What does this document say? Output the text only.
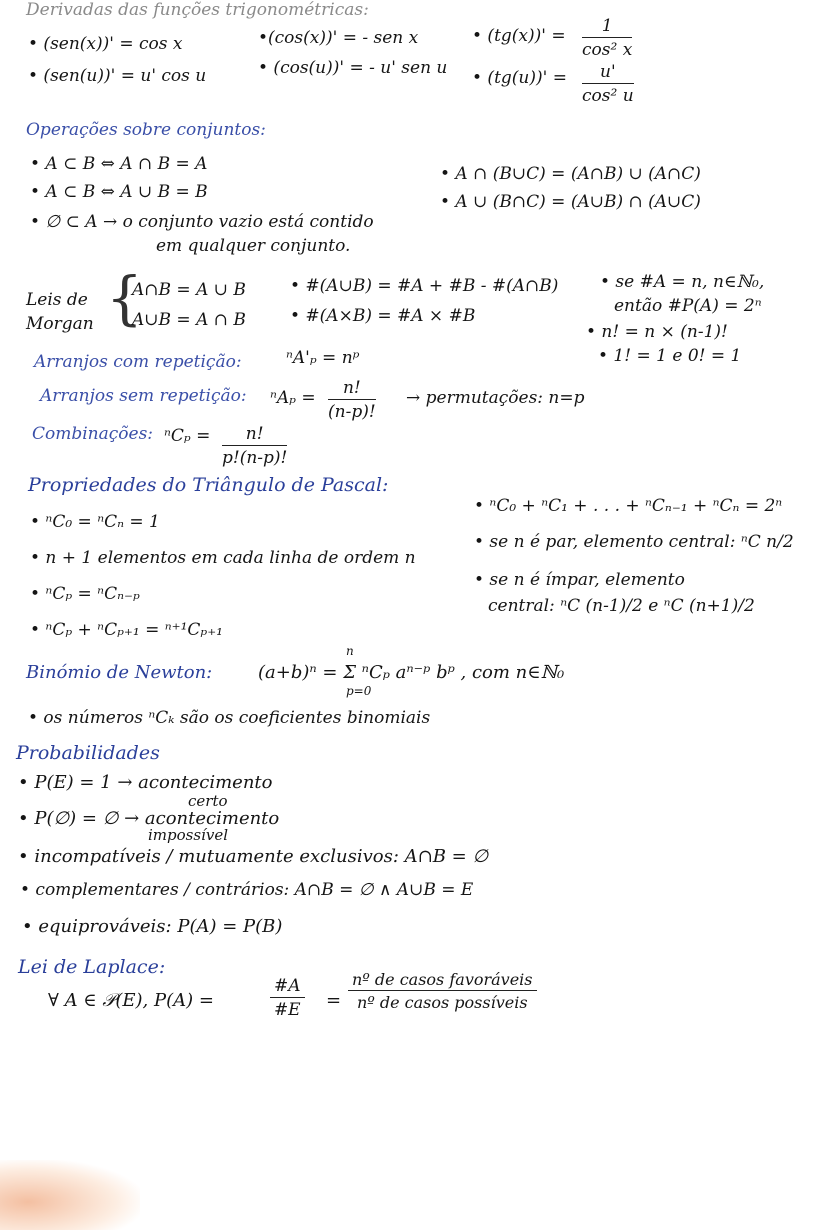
Derivadas das funções trigonométricas:
• (sen(x))' = cos x
• (sen(u))' = u' cos u
•(cos(x))' = - sen x
• (cos(u))' = - u' sen u
• $(tg(x))' = \frac{1}{\text{cos² x}}$
• $(tg(u))' = \frac{u'}{\text{cos² u}}$
Operações sobre conjuntos:
• A ⊂ B ⇔ A ∩ B = A
• A ⊂ B ⇔ A ∪ B = B
• ∅ ⊂ A → o conjunto vazio está contido
em qualquer conjunto.
• A ∩ (B∪C) = (A∩B) ∪ (A∩C)
• A ∪ (B∩C) = (A∪B) ∩ (A∪C)
Leis de
Morgan {
A∩B = A ∪ B
A∪B = A ∩ B
• #(A∪B) = #A + #B - #(A∩B)
• #(A×B) = #A × #B
• se #A = n, n∈ℕ₀,
então #P(A) = 2ⁿ
• n! = n × (n-1)!
• 1! = 1 e 0! = 1
Arranjos com repetição:	ⁿA'ₚ = nᵖ
Arranjos sem repetição: $^nA_p = \frac{n!}{(n-p)!}$ → permutações: n=p
Combinações: $^nC_p = \frac{n!}{p!(n-p)!}$
Propriedades do Triângulo de Pascal:
• ⁿC₀ = ⁿCₙ = 1
• n + 1 elementos em cada linha de ordem n
• ⁿCₚ = ⁿCₙ₋ₚ
• ⁿCₚ + ⁿCₚ₊₁ = ⁿ⁺¹Cₚ₊₁
• ⁿC₀ + ⁿC₁ + . . . + ⁿCₙ₋₁ + ⁿCₙ = 2ⁿ
• se n é par, elemento central: ⁿC n/2
• se n é ímpar, elemento
central: ⁿC (n-1)/2 e ⁿC (n+1)/2
Binómio de Newton:
n
(a+b)ⁿ = Σ ⁿCₚ aⁿ⁻ᵖ bᵖ , com n∈ℕ₀
p=0
• os números ⁿCₖ são os coeficientes binomiais
Probabilidades
• P(E) = 1 → acontecimento
certo
• P(∅) = ∅ → acontecimento
impossível
• incompatíveis / mutuamente exclusivos: A∩B = ∅
• complementares / contrários: A∩B = ∅ ∧ A∪B = E
• equiprováveis: P(A) = P(B)
Lei de Laplace:
∀ A ∈ 𝒫(E), P(A) =	$\frac{\#A}{\#E}$ =
nº de casos favoráveis
nº de casos possíveis
